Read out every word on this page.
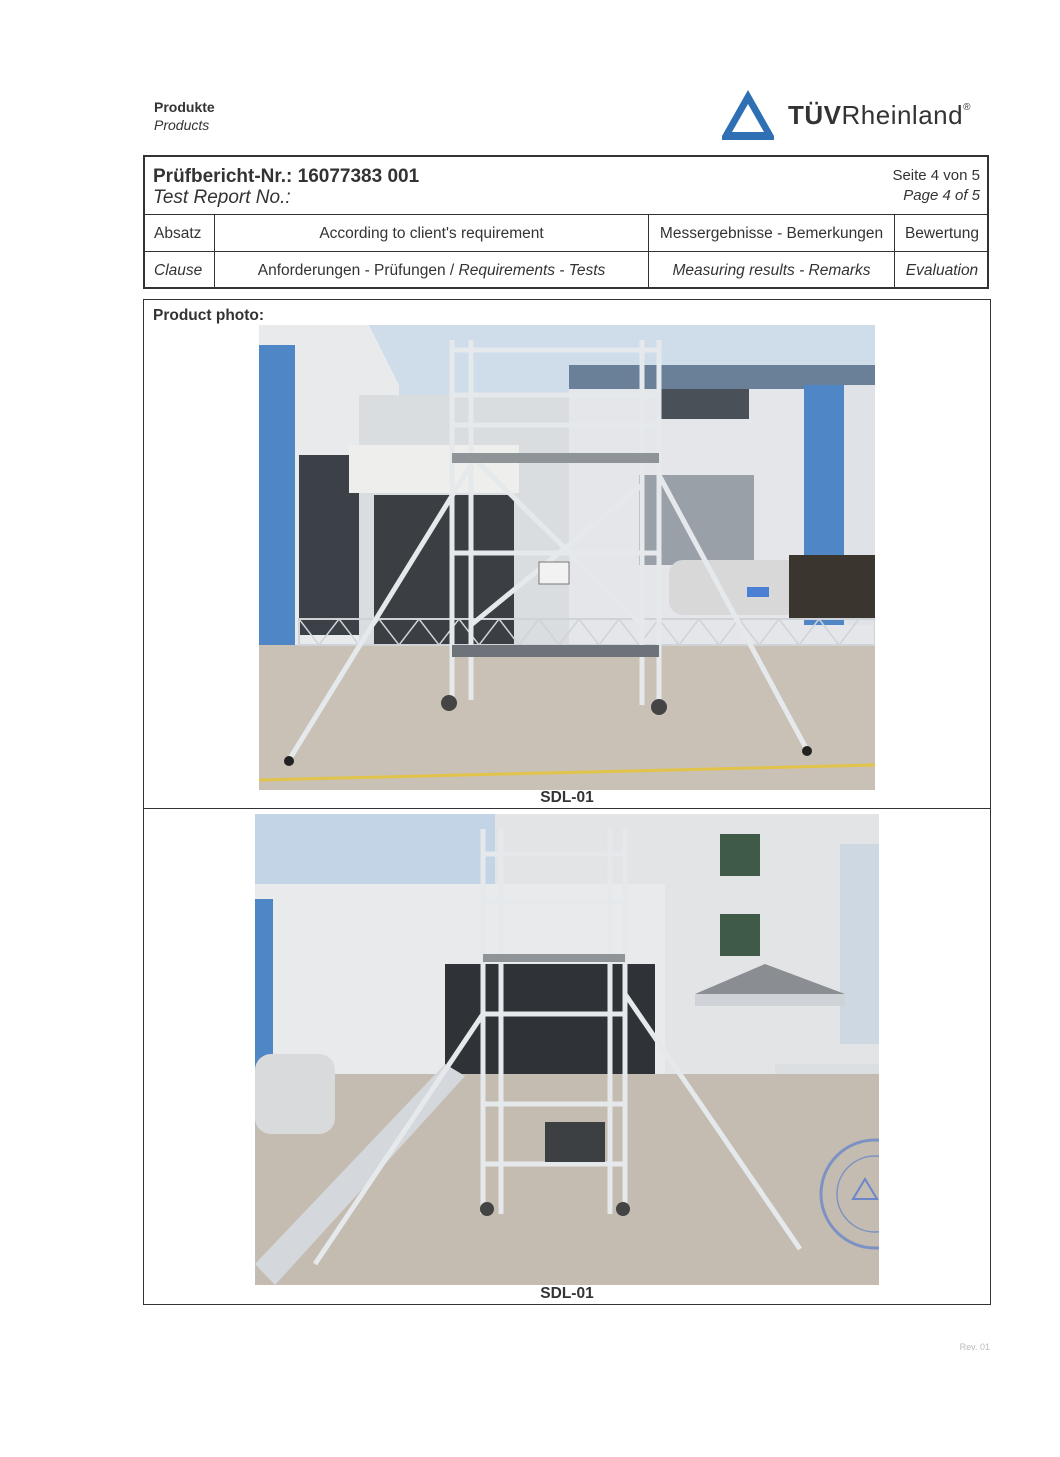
Produkte
Products	TÜVRheinland®
Prüfbericht-Nr.: 16077383 001
Test Report No.:
Seite 4 von 5
Page 4 of 5
Absatz
Clause
According to client's requirement
Anforderungen - Prüfungen / Requirements - Tests
Messergebnisse - Bemerkungen
Measuring results - Remarks
Bewertung
Evaluation
Product photo:
SDL-01
SDL-01
Rev. 01
